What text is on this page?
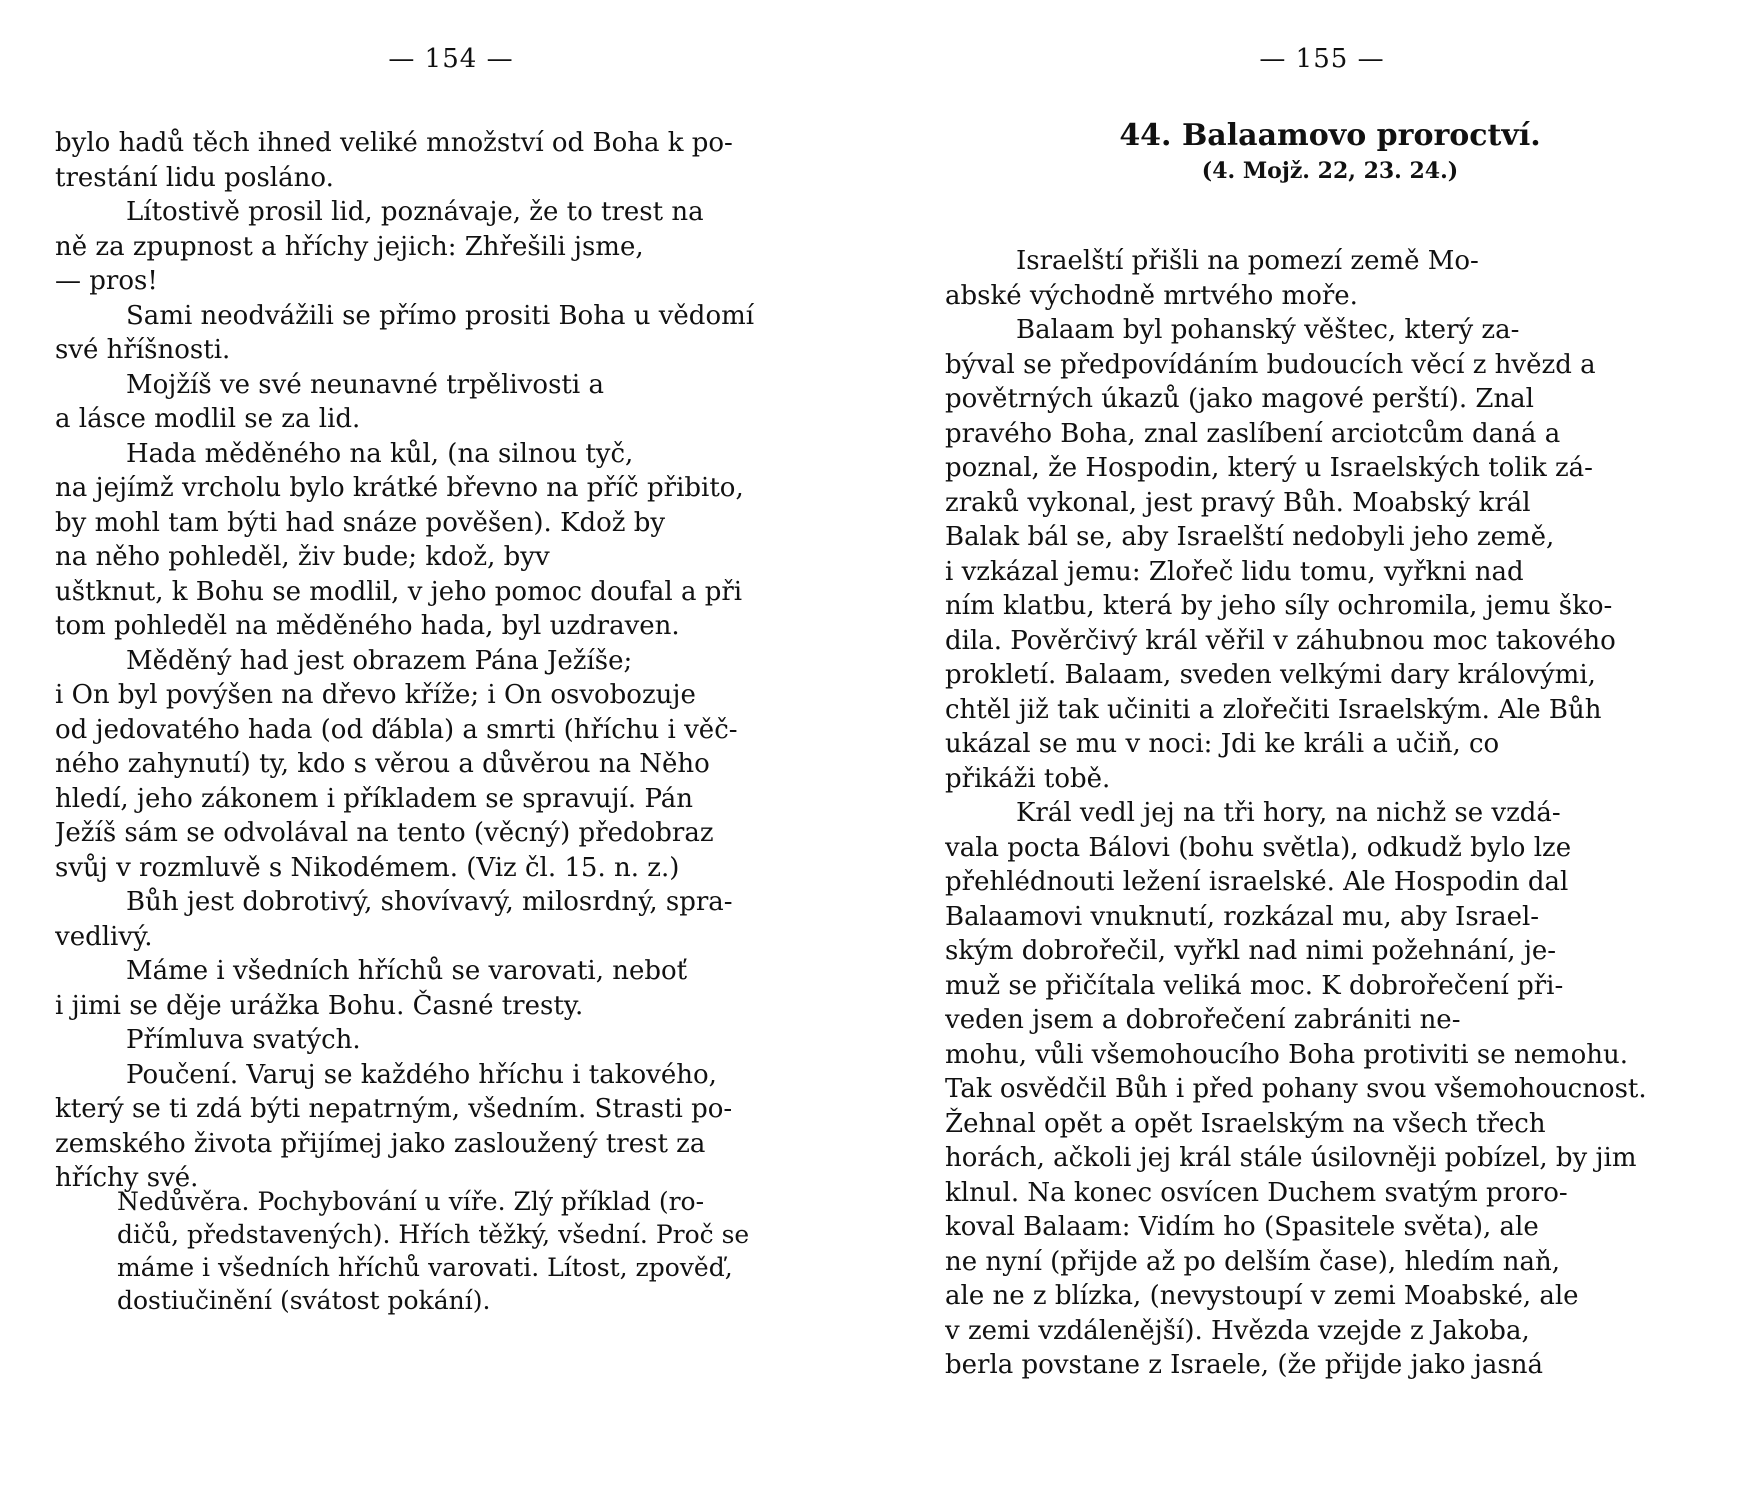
— 154 —
bylo hadů těch ihned veliké množství od Boha k po-
trestání lidu posláno.
Lítostivě prosil lid, poznávaje, že to trest na
ně za zpupnost a hříchy jejich: Zhřešili jsme,
— pros!
Sami neodvážili se přímo prositi Boha u vědomí
své hříšnosti.
Mojžíš ve své neunavné trpělivosti a
a lásce modlil se za lid.
Hada měděného na kůl, (na silnou tyč,
na jejímž vrcholu bylo krátké břevno na příč přibito,
by mohl tam býti had snáze pověšen). Kdož by
na něho pohleděl, živ bude; kdož, byv
uštknut, k Bohu se modlil, v jeho pomoc doufal a při
tom pohleděl na měděného hada, byl uzdraven.
Měděný had jest obrazem Pána Ježíše;
i On byl povýšen na dřevo kříže; i On osvobozuje
od jedovatého hada (od ďábla) a smrti (hříchu i věč-
ného zahynutí) ty, kdo s věrou a důvěrou na Něho
hledí, jeho zákonem i příkladem se spravují. Pán
Ježíš sám se odvolával na tento (věcný) předobraz
svůj v rozmluvě s Nikodémem. (Viz čl. 15. n. z.)
Bůh jest dobrotivý, shovívavý, milosrdný, spra-
vedlivý.
Máme i všedních hříchů se varovati, neboť
i jimi se děje urážka Bohu. Časné tresty.
Přímluva svatých.
Poučení. Varuj se každého hříchu i takového,
který se ti zdá býti nepatrným, všedním. Strasti po-
zemského života přijímej jako zasloužený trest za
hříchy své.
Nedůvěra. Pochybování u víře. Zlý příklad (ro-
dičů, představených). Hřích těžký, všední. Proč se
máme i všedních hříchů varovati. Lítost, zpověď,
dostiučinění (svátost pokání).
— 155 —
44. Balaamovo proroctví.
(4. Mojž. 22, 23. 24.)
Israelští přišli na pomezí země Mo-
abské východně mrtvého moře.
Balaam byl pohanský věštec, který za-
býval se předpovídáním budoucích věcí z hvězd a
povětrných úkazů (jako magové perští). Znal
pravého Boha, znal zaslíbení arciotcům daná a
poznal, že Hospodin, který u Israelských tolik zá-
zraků vykonal, jest pravý Bůh. Moabský král
Balak bál se, aby Israelští nedobyli jeho země,
i vzkázal jemu: Zlořeč lidu tomu, vyřkni nad
ním klatbu, která by jeho síly ochromila, jemu ško-
dila. Pověrčivý král věřil v záhubnou moc takového
prokletí. Balaam, sveden velkými dary královými,
chtěl již tak učiniti a zlořečiti Israelským. Ale Bůh
ukázal se mu v noci: Jdi ke králi a učiň, co
přikáži tobě.
Král vedl jej na tři hory, na nichž se vzdá-
vala pocta Bálovi (bohu světla), odkudž bylo lze
přehlédnouti ležení israelské. Ale Hospodin dal
Balaamovi vnuknutí, rozkázal mu, aby Israel-
ským dobrořečil, vyřkl nad nimi požehnání, je-
muž se přičítala veliká moc. K dobrořečení při-
veden jsem a dobrořečení zabrániti ne-
mohu, vůli všemohoucího Boha protiviti se nemohu.
Tak osvědčil Bůh i před pohany svou všemohoucnost.
Žehnal opět a opět Israelským na všech třech
horách, ačkoli jej král stále úsilovněji pobízel, by jim
klnul. Na konec osvícen Duchem svatým proro-
koval Balaam: Vidím ho (Spasitele světa), ale
ne nyní (přijde až po delším čase), hledím naň,
ale ne z blízka, (nevystoupí v zemi Moabské, ale
v zemi vzdálenější). Hvězda vzejde z Jakoba,
berla povstane z Israele, (že přijde jako jasná
